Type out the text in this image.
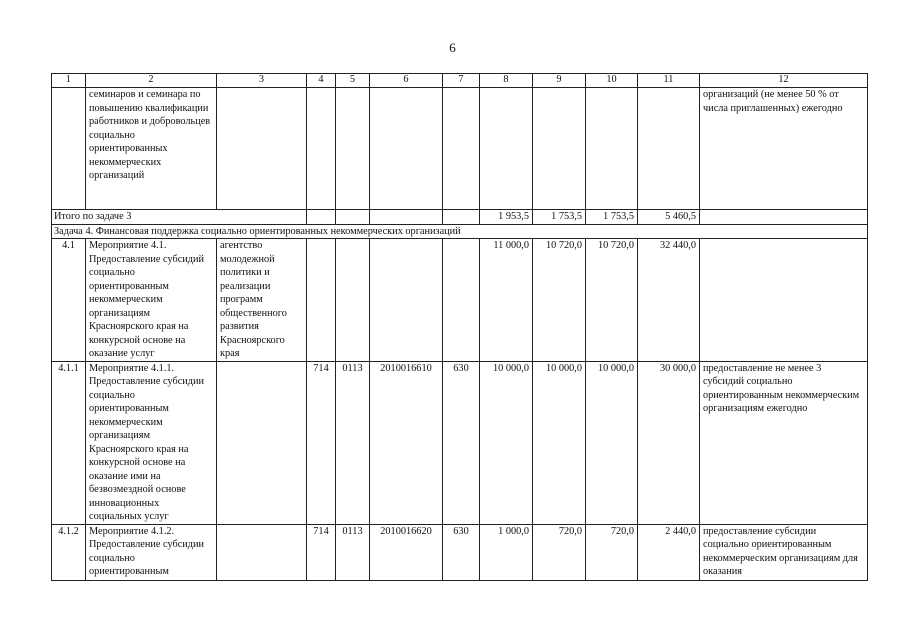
6
1	2	3	4	5	6	7	8	9	10	11	12
	семинаров и семинара по повышению квалификации работников и добровольцев социально ориентированных некоммерческих организаций										организаций (не менее 50 % от числа приглашенных) ежегодно
Итого по задаче 3							1 953,5	1 753,5	1 753,5	5 460,5	
Задача 4. Финансовая поддержка социально ориентированных некоммерческих организаций											
4.1	Мероприятие 4.1. Предоставление субсидий социально ориентированным некоммерческим организациям Красноярского края на конкурсной основе на оказание услуг	агентство молодежной политики и реализации программ общественного развития Красноярского края					11 000,0	10 720,0	10 720,0	32 440,0	
4.1.1	Мероприятие 4.1.1. Предоставление субсидии социально ориентированным некоммерческим организациям Красноярского края на конкурсной основе на оказание ими на безвозмездной основе инновационных социальных услуг		714	0113	2010016610	630	10 000,0	10 000,0	10 000,0	30 000,0	предоставление не менее 3 субсидий социально ориентированным некоммерческим организациям ежегодно
4.1.2	Мероприятие 4.1.2. Предоставление субсидии социально ориентированным		714	0113	2010016620	630	1 000,0	720,0	720,0	2 440,0	предоставление субсидии социально ориентированным некоммерческим организациям для оказания
